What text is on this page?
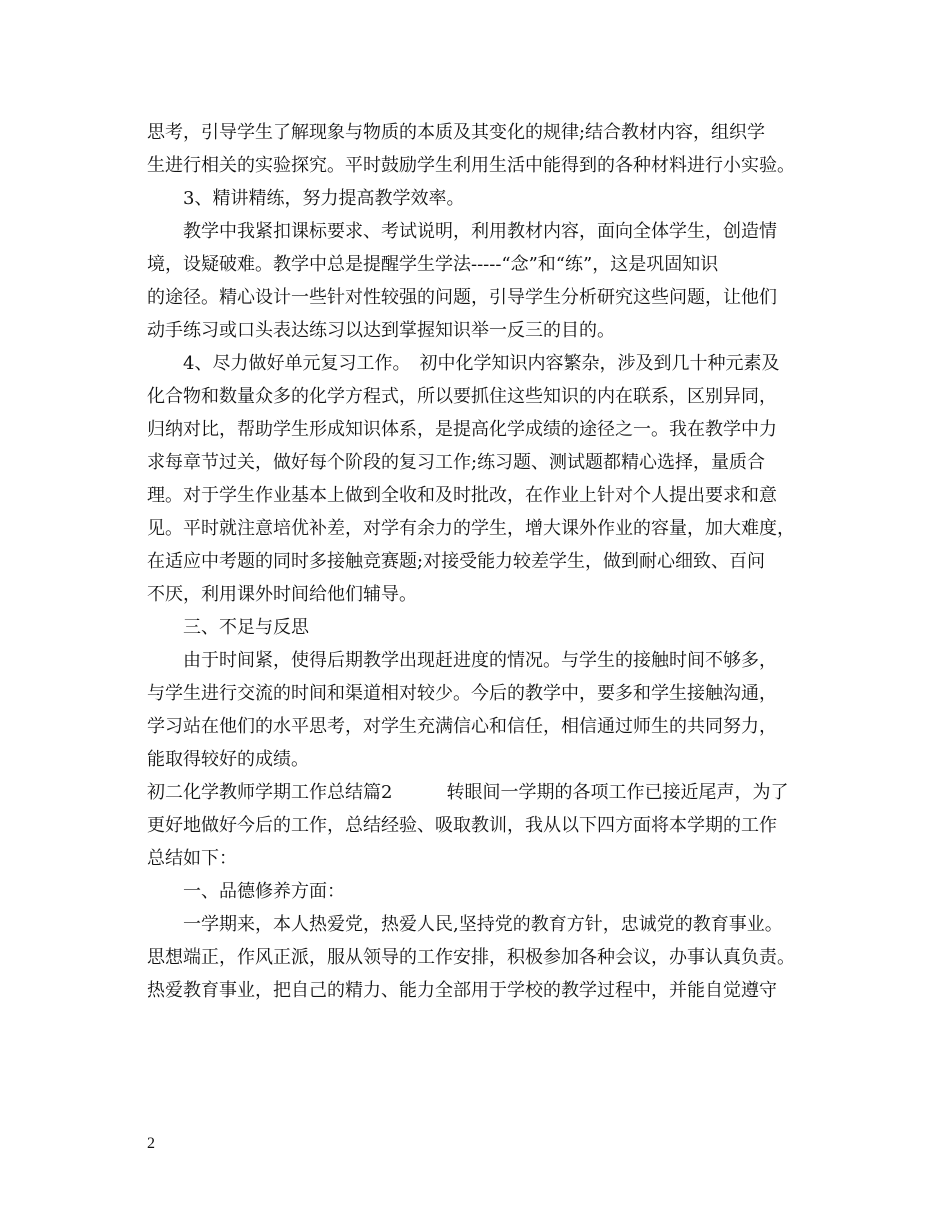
思考，引导学生了解现象与物质的本质及其变化的规律;结合教材内容，组织学
生进行相关的实验探究。平时鼓励学生利用生活中能得到的各种材料进行小实验。
　　3、精讲精练，努力提高教学效率。
　　教学中我紧扣课标要求、考试说明，利用教材内容，面向全体学生，创造情
境，设疑破难。教学中总是提醒学生学法-----“念”和“练”，这是巩固知识
的途径。精心设计一些针对性较强的问题，引导学生分析研究这些问题，让他们
动手练习或口头表达练习以达到掌握知识举一反三的目的。
　　4、尽力做好单元复习工作。　初中化学知识内容繁杂，涉及到几十种元素及
化合物和数量众多的化学方程式，所以要抓住这些知识的内在联系，区别异同，
归纳对比，帮助学生形成知识体系，是提高化学成绩的途径之一。我在教学中力
求每章节过关，做好每个阶段的复习工作;练习题、测试题都精心选择，量质合
理。对于学生作业基本上做到全收和及时批改，在作业上针对个人提出要求和意
见。平时就注意培优补差，对学有余力的学生，增大课外作业的容量，加大难度，
在适应中考题的同时多接触竞赛题;对接受能力较差学生，做到耐心细致、百问
不厌，利用课外时间给他们辅导。
　　三、不足与反思
　　由于时间紧，使得后期教学出现赶进度的情况。与学生的接触时间不够多，
与学生进行交流的时间和渠道相对较少。今后的教学中，要多和学生接触沟通，
学习站在他们的水平思考，对学生充满信心和信任，相信通过师生的共同努力，
能取得较好的成绩。
初二化学教师学期工作总结篇2　　　转眼间一学期的各项工作已接近尾声，为了
更好地做好今后的工作，总结经验、吸取教训，我从以下四方面将本学期的工作
总结如下：
　　一、品德修养方面：
　　一学期来，本人热爱党，热爱人民,坚持党的教育方针，忠诚党的教育事业。
思想端正，作风正派，服从领导的工作安排，积极参加各种会议，办事认真负责。
热爱教育事业，把自己的精力、能力全部用于学校的教学过程中，并能自觉遵守
2
